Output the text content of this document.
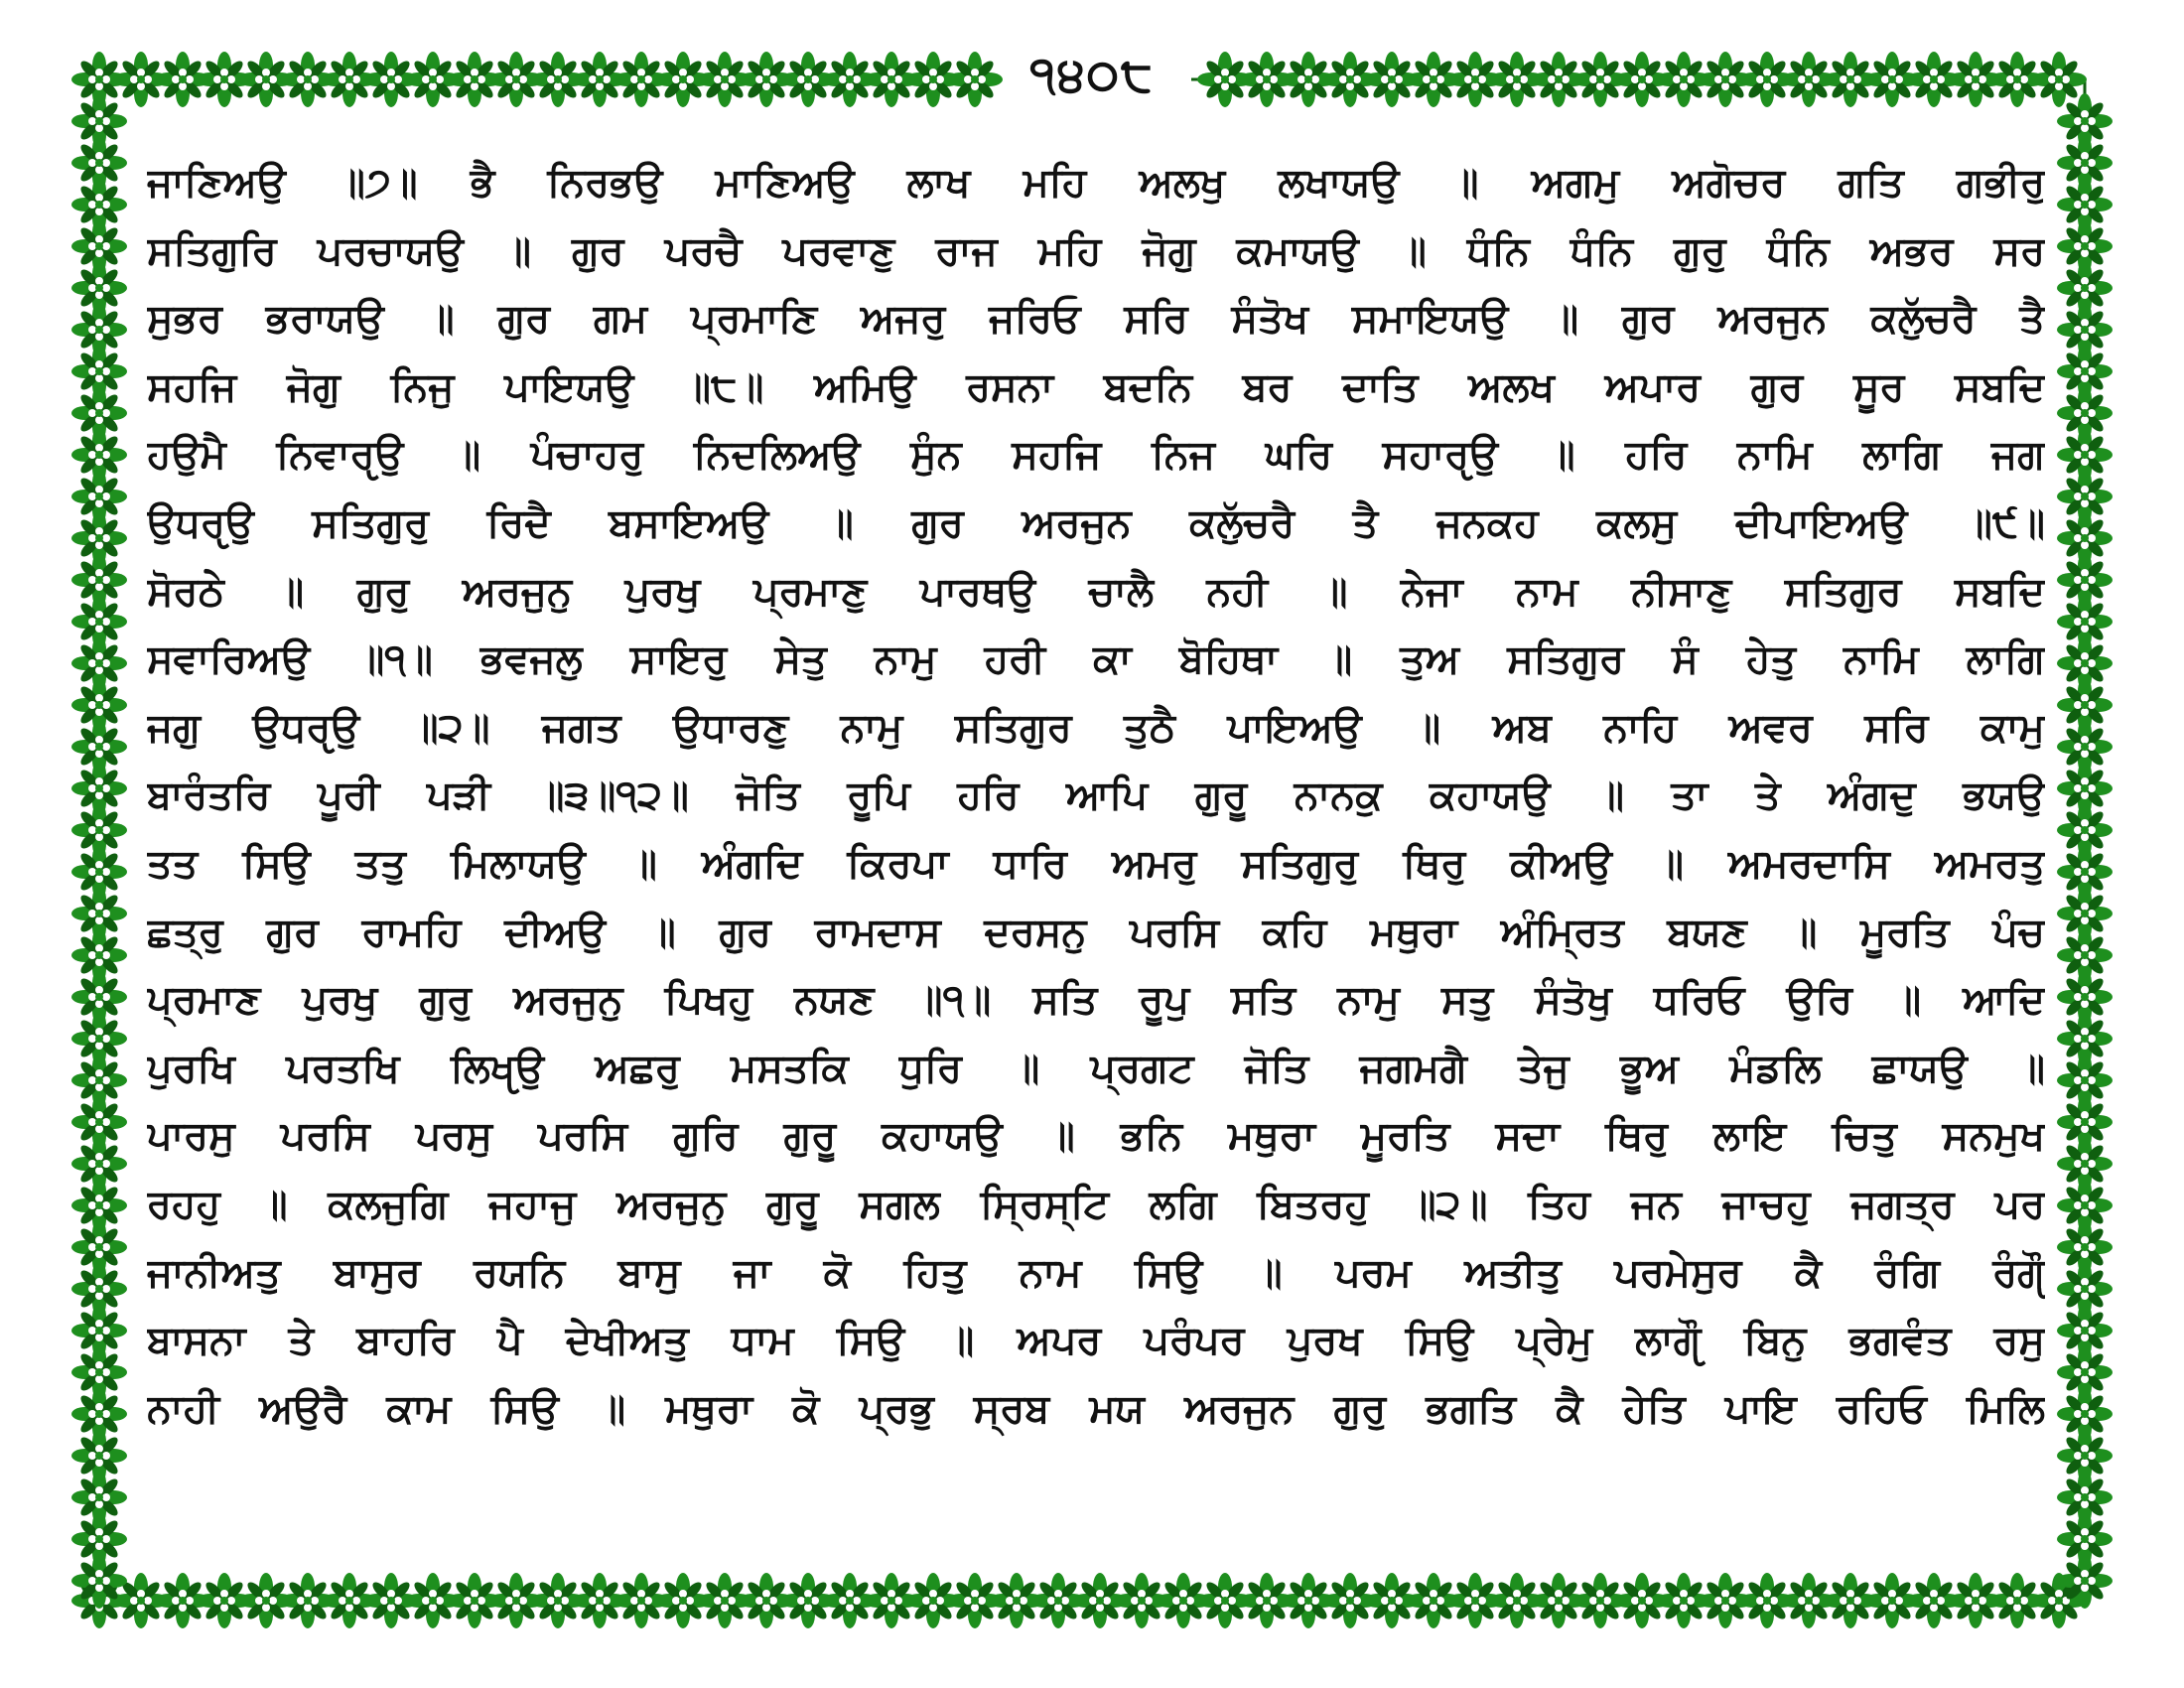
੧੪੦੮
ਜਾਣਿਅਉ ॥੭॥ ਭੈ ਨਿਰਭਉ ਮਾਣਿਅਉ ਲਾਖ ਮਹਿ ਅਲਖੁ ਲਖਾਯਉ ॥ ਅਗਮੁ ਅਗੋਚਰ ਗਤਿ ਗਭੀਰੁ
ਸਤਿਗੁਰਿ ਪਰਚਾਯਉ ॥ ਗੁਰ ਪਰਚੈ ਪਰਵਾਣੁ ਰਾਜ ਮਹਿ ਜੋਗੁ ਕਮਾਯਉ ॥ ਧੰਨਿ ਧੰਨਿ ਗੁਰੁ ਧੰਨਿ ਅਭਰ ਸਰ
ਸੁਭਰ ਭਰਾਯਉ ॥ ਗੁਰ ਗਮ ਪ੍ਰਮਾਣਿ ਅਜਰੁ ਜਰਿਓ ਸਰਿ ਸੰਤੋਖ ਸਮਾਇਯਉ ॥ ਗੁਰ ਅਰਜੁਨ ਕਲੁੱਚਰੈ ਤੈ
ਸਹਜਿ ਜੋਗੁ ਨਿਜੁ ਪਾਇਯਉ ॥੮॥ ਅਮਿਉ ਰਸਨਾ ਬਦਨਿ ਬਰ ਦਾਤਿ ਅਲਖ ਅਪਾਰ ਗੁਰ ਸੂਰ ਸਬਦਿ
ਹਉਮੈ ਨਿਵਾਰੵਉ ॥ ਪੰਚਾਹਰੁ ਨਿਦਲਿਅਉ ਸੁੰਨ ਸਹਜਿ ਨਿਜ ਘਰਿ ਸਹਾਰੵਉ ॥ ਹਰਿ ਨਾਮਿ ਲਾਗਿ ਜਗ
ਉਧਰੵਉ ਸਤਿਗੁਰੁ ਰਿਦੈ ਬਸਾਇਅਉ ॥ ਗੁਰ ਅਰਜੁਨ ਕਲੁੱਚਰੈ ਤੈ ਜਨਕਹ ਕਲਸੁ ਦੀਪਾਇਅਉ ॥੯॥
ਸੋਰਠੇ ॥ ਗੁਰੁ ਅਰਜੁਨੁ ਪੁਰਖੁ ਪ੍ਰਮਾਣੁ ਪਾਰਥਉ ਚਾਲੈ ਨਹੀ ॥ ਨੇਜਾ ਨਾਮ ਨੀਸਾਣੁ ਸਤਿਗੁਰ ਸਬਦਿ
ਸਵਾਰਿਅਉ ॥੧॥ ਭਵਜਲੁ ਸਾਇਰੁ ਸੇਤੁ ਨਾਮੁ ਹਰੀ ਕਾ ਬੋਹਿਥਾ ॥ ਤੁਅ ਸਤਿਗੁਰ ਸੰ ਹੇਤੁ ਨਾਮਿ ਲਾਗਿ
ਜਗੁ ਉਧਰੵਉ ॥੨॥ ਜਗਤ ਉਧਾਰਣੁ ਨਾਮੁ ਸਤਿਗੁਰ ਤੁਠੈ ਪਾਇਅਉ ॥ ਅਬ ਨਾਹਿ ਅਵਰ ਸਰਿ ਕਾਮੁ
ਬਾਰੰਤਰਿ ਪੂਰੀ ਪੜੀ ॥੩॥੧੨॥ ਜੋਤਿ ਰੂਪਿ ਹਰਿ ਆਪਿ ਗੁਰੂ ਨਾਨਕੁ ਕਹਾਯਉ ॥ ਤਾ ਤੇ ਅੰਗਦੁ ਭਯਉ
ਤਤ ਸਿਉ ਤਤੁ ਮਿਲਾਯਉ ॥ ਅੰਗਦਿ ਕਿਰਪਾ ਧਾਰਿ ਅਮਰੁ ਸਤਿਗੁਰੁ ਥਿਰੁ ਕੀਅਉ ॥ ਅਮਰਦਾਸਿ ਅਮਰਤੁ
ਛਤ੍ਰੁ ਗੁਰ ਰਾਮਹਿ ਦੀਅਉ ॥ ਗੁਰ ਰਾਮਦਾਸ ਦਰਸਨੁ ਪਰਸਿ ਕਹਿ ਮਥੁਰਾ ਅੰਮ੍ਰਿਤ ਬਯਣ ॥ ਮੂਰਤਿ ਪੰਚ
ਪ੍ਰਮਾਣ ਪੁਰਖੁ ਗੁਰੁ ਅਰਜੁਨੁ ਪਿਖਹੁ ਨਯਣ ॥੧॥ ਸਤਿ ਰੂਪੁ ਸਤਿ ਨਾਮੁ ਸਤੁ ਸੰਤੋਖੁ ਧਰਿਓ ਉਰਿ ॥ ਆਦਿ
ਪੁਰਖਿ ਪਰਤਖਿ ਲਿਖੵਉ ਅਛਰੁ ਮਸਤਕਿ ਧੁਰਿ ॥ ਪ੍ਰਗਟ ਜੋਤਿ ਜਗਮਗੈ ਤੇਜੁ ਭੂਅ ਮੰਡਲਿ ਛਾਯਉ ॥
ਪਾਰਸੁ ਪਰਸਿ ਪਰਸੁ ਪਰਸਿ ਗੁਰਿ ਗੁਰੂ ਕਹਾਯਉ ॥ ਭਨਿ ਮਥੁਰਾ ਮੂਰਤਿ ਸਦਾ ਥਿਰੁ ਲਾਇ ਚਿਤੁ ਸਨਮੁਖ
ਰਹਹੁ ॥ ਕਲਜੁਗਿ ਜਹਾਜੁ ਅਰਜੁਨੁ ਗੁਰੂ ਸਗਲ ਸ੍ਰਿਸ੍ਟਿ ਲਗਿ ਬਿਤਰਹੁ ॥੨॥ ਤਿਹ ਜਨ ਜਾਚਹੁ ਜਗਤ੍ਰ ਪਰ
ਜਾਨੀਅਤੁ ਬਾਸੁਰ ਰਯਨਿ ਬਾਸੁ ਜਾ ਕੋ ਹਿਤੁ ਨਾਮ ਸਿਉ ॥ ਪਰਮ ਅਤੀਤੁ ਪਰਮੇਸੁਰ ਕੈ ਰੰਗਿ ਰੰਗੵੌ
ਬਾਸਨਾ ਤੇ ਬਾਹਰਿ ਪੈ ਦੇਖੀਅਤੁ ਧਾਮ ਸਿਉ ॥ ਅਪਰ ਪਰੰਪਰ ਪੁਰਖ ਸਿਉ ਪ੍ਰੇਮੁ ਲਾਗੵੌ ਬਿਨੁ ਭਗਵੰਤ ਰਸੁ
ਨਾਹੀ ਅਉਰੈ ਕਾਮ ਸਿਉ ॥ ਮਥੁਰਾ ਕੋ ਪ੍ਰਭੁ ਸ੍ਰਬ ਮਯ ਅਰਜੁਨ ਗੁਰੁ ਭਗਤਿ ਕੈ ਹੇਤਿ ਪਾਇ ਰਹਿਓ ਮਿਲਿ
